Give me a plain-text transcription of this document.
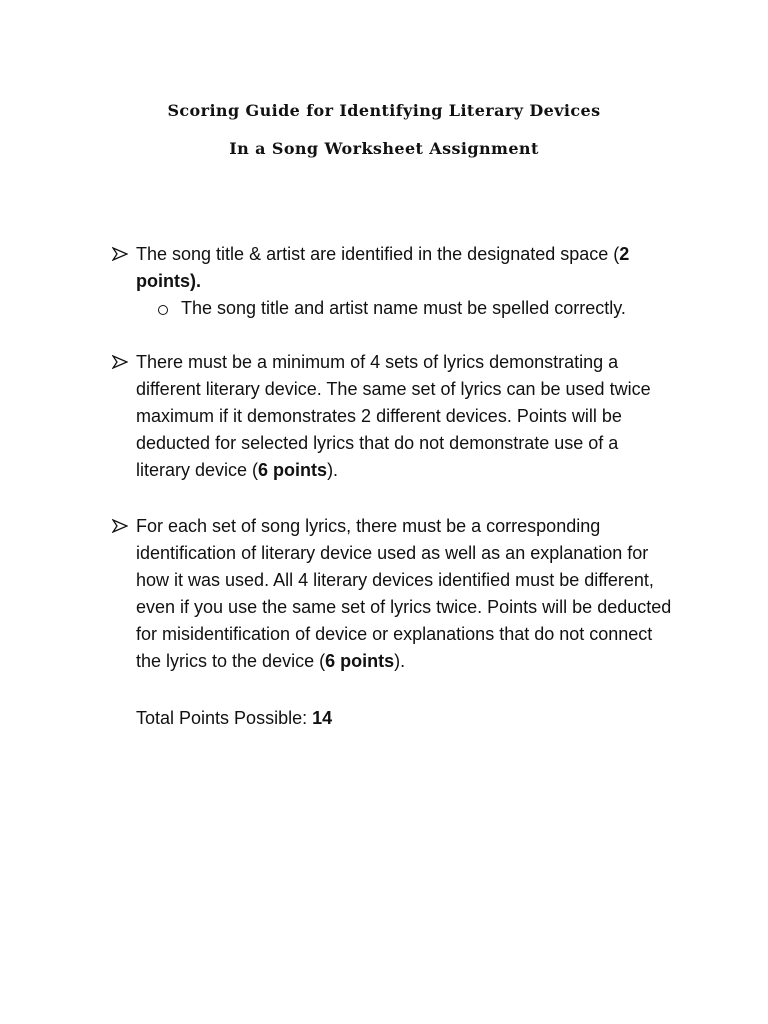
Scoring Guide for Identifying Literary Devices
In a Song Worksheet Assignment
The song title & artist are identified in the designated space (2 points).
The song title and artist name must be spelled correctly.
There must be a minimum of 4 sets of lyrics demonstrating a different literary device. The same set of lyrics can be used twice maximum if it demonstrates 2 different devices. Points will be deducted for selected lyrics that do not demonstrate use of a literary device (6 points).
For each set of song lyrics, there must be a corresponding identification of literary device used as well as an explanation for how it was used. All 4 literary devices identified must be different, even if you use the same set of lyrics twice. Points will be deducted for misidentification of device or explanations that do not connect the lyrics to the device (6 points).
Total Points Possible: 14
